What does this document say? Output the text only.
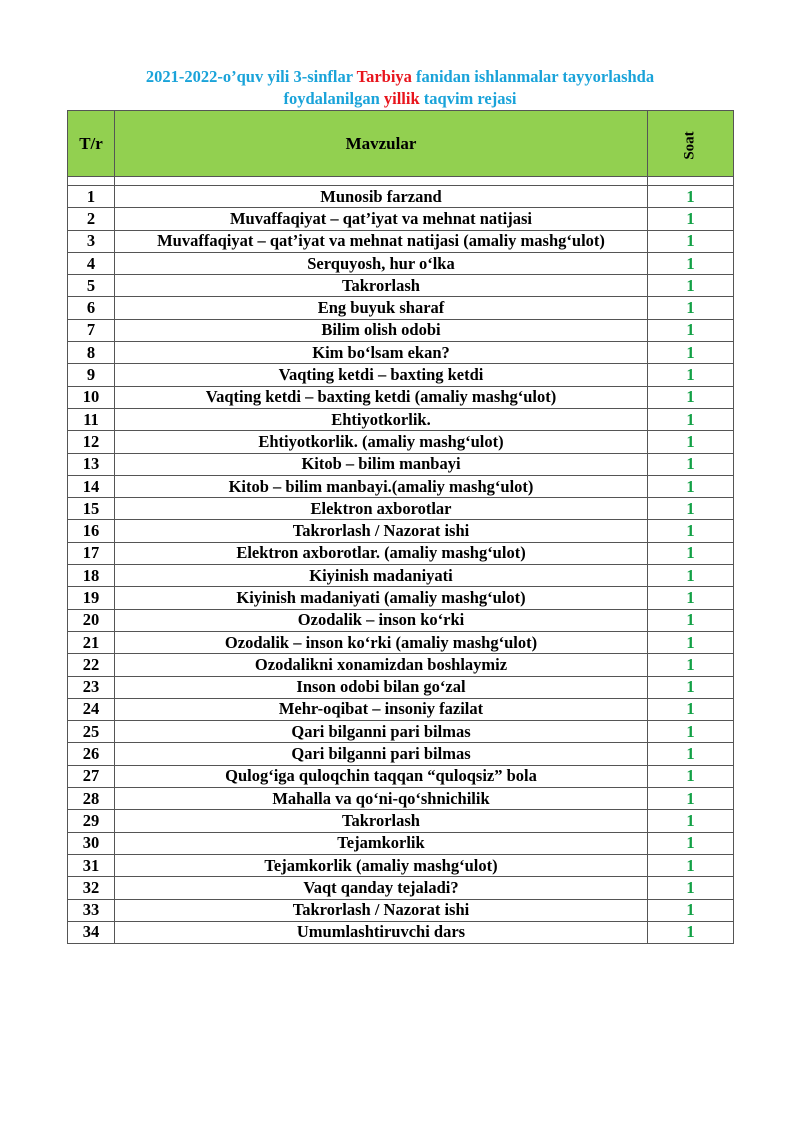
2021-2022-o’quv yili 3-sinflar Tarbiya fanidan ishlanmalar tayyorlashda
foydalanilgan yillik taqvim rejasi
T/r	Mavzular	Soat

1	Munosib farzand	1
2	Muvaffaqiyat – qat’iyat va mehnat natijasi	1
3	Muvaffaqiyat – qat’iyat va mehnat natijasi (amaliy mashg‘ulot)	1
4	Serquyosh, hur o‘lka	1
5	Takrorlash	1
6	Eng buyuk sharaf	1
7	Bilim olish odobi	1
8	Kim bo‘lsam ekan?	1
9	Vaqting ketdi – baxting ketdi	1
10	Vaqting ketdi – baxting ketdi (amaliy mashg‘ulot)	1
11	Ehtiyotkorlik.	1
12	Ehtiyotkorlik. (amaliy mashg‘ulot)	1
13	Kitob – bilim manbayi	1
14	Kitob – bilim manbayi.(amaliy mashg‘ulot)	1
15	Elektron axborotlar	1
16	Takrorlash / Nazorat ishi	1
17	Elektron axborotlar. (amaliy mashg‘ulot)	1
18	Kiyinish madaniyati	1
19	Kiyinish madaniyati (amaliy mashg‘ulot)	1
20	Ozodalik – inson ko‘rki	1
21	Ozodalik – inson ko‘rki (amaliy mashg‘ulot)	1
22	Ozodalikni xonamizdan boshlaymiz	1
23	Inson odobi bilan go‘zal	1
24	Mehr-oqibat – insoniy fazilat	1
25	Qari bilganni pari bilmas	1
26	Qari bilganni pari bilmas	1
27	Qulog‘iga quloqchin taqqan “quloqsiz” bola	1
28	Mahalla va qo‘ni-qo‘shnichilik	1
29	Takrorlash	1
30	Tejamkorlik	1
31	Tejamkorlik (amaliy mashg‘ulot)	1
32	Vaqt qanday tejaladi?	1
33	Takrorlash / Nazorat ishi	1
34	Umumlashtiruvchi dars	1
